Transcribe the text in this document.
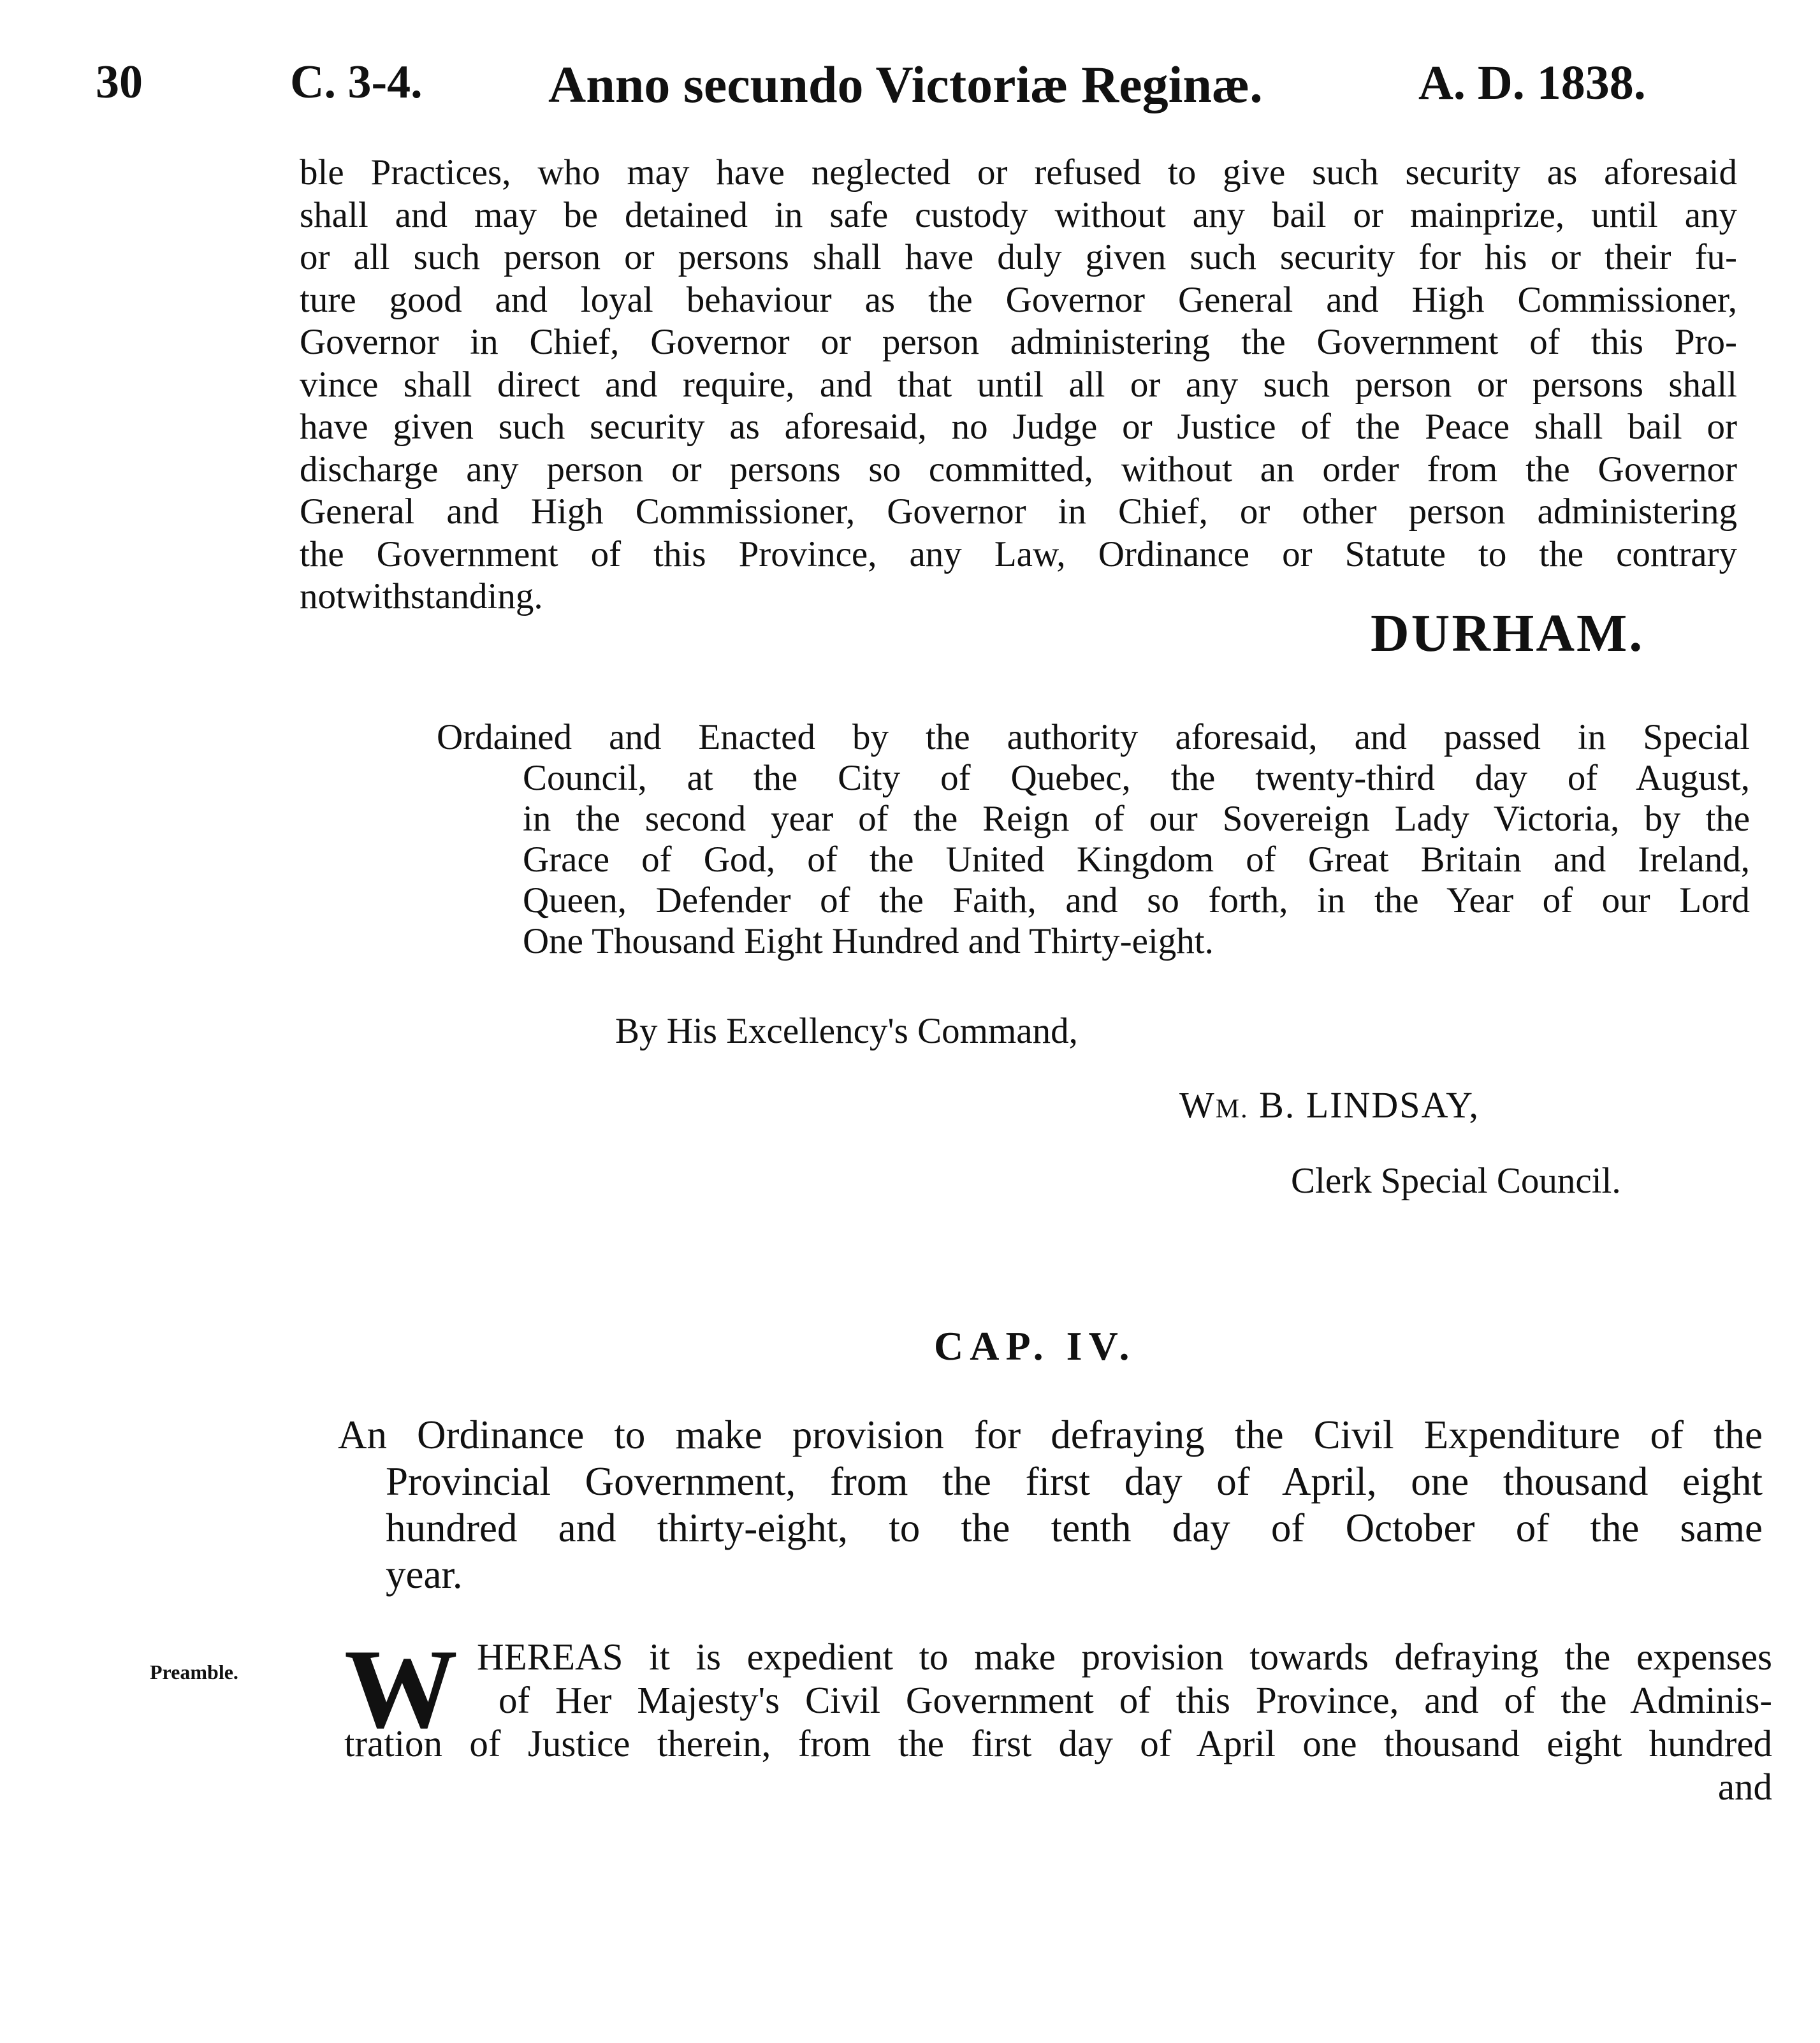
30	C. 3-4. Anno secundo Victoriæ Reginæ.	A. D. 1838.
ble Practices, who may have neglected or refused to give such security as aforesaid
shall and may be detained in safe custody without any bail or mainprize, until any
or all such person or persons shall have duly given such security for his or their fu-
ture good and loyal behaviour as the Governor General and High Commissioner,
Governor in Chief, Governor or person administering the Government of this Pro-
vince shall direct and require, and that until all or any such person or persons shall
have given such security as aforesaid, no Judge or Justice of the Peace shall bail or
discharge any person or persons so committed, without an order from the Governor
General and High Commissioner, Governor in Chief, or other person administering
the Government of this Province, any Law, Ordinance or Statute to the contrary
notwithstanding.
DURHAM.
Ordained and Enacted by the authority aforesaid, and passed in Special
Council, at the City of Quebec, the twenty-third day of August,
in the second year of the Reign of our Sovereign Lady Victoria, by the
Grace of God, of the United Kingdom of Great Britain and Ireland,
Queen, Defender of the Faith, and so forth, in the Year of our Lord
One Thousand Eight Hundred and Thirty-eight.
By His Excellency's Command,
WM. B. LINDSAY,
Clerk Special Council.
CAP. IV.
An Ordinance to make provision for defraying the Civil Expenditure of the
Provincial Government, from the first day of April, one thousand eight
hundred and thirty-eight, to the tenth day of October of the same
year.
Preamble. W HEREAS it is expedient to make provision towards defraying the expenses
of Her Majesty's Civil Government of this Province, and of the Adminis-
tration of Justice therein, from the first day of April one thousand eight hundred
and
